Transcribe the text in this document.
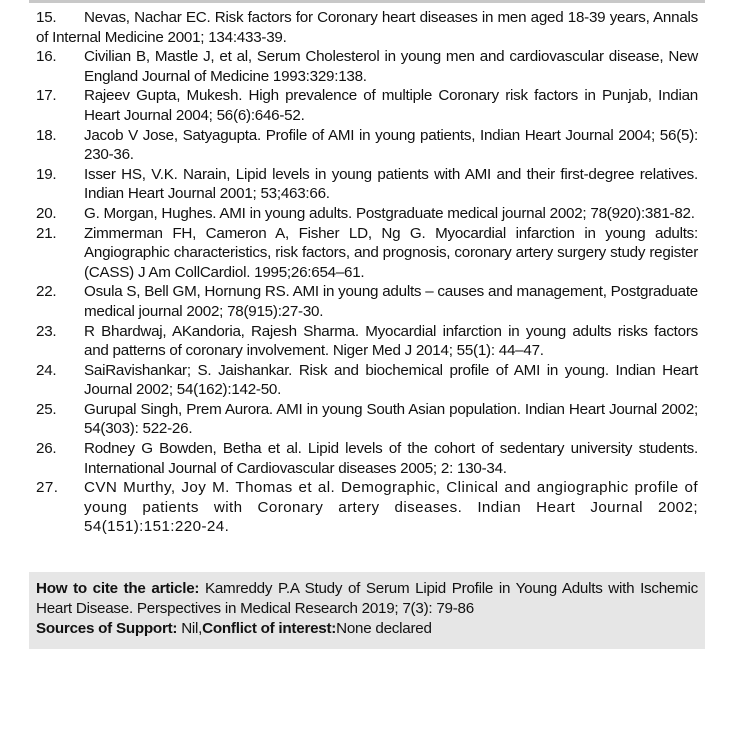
15. Nevas, Nachar EC. Risk factors for Coronary heart diseases in men aged 18-39 years, Annals of Internal Medicine 2001; 134:433-39.
16. Civilian B, Mastle J, et al, Serum Cholesterol in young men and cardiovascular disease, New England Journal of Medicine 1993:329:138.
17. Rajeev Gupta, Mukesh. High prevalence of multiple Coronary risk factors in Punjab, Indian Heart Journal 2004; 56(6):646-52.
18. Jacob V Jose, Satyagupta. Profile of AMI in young patients, Indian Heart Journal 2004; 56(5): 230-36.
19. Isser HS, V.K. Narain, Lipid levels in young patients with AMI and their first-degree relatives. Indian Heart Journal 2001; 53;463:66.
20. G. Morgan, Hughes. AMI in young adults. Postgraduate medical journal 2002; 78(920):381-82.
21. Zimmerman FH, Cameron A, Fisher LD, Ng G. Myocardial infarction in young adults: Angiographic characteristics, risk factors, and prognosis, coronary artery surgery study register (CASS) J Am CollCardiol. 1995;26:654–61.
22. Osula S, Bell GM, Hornung RS. AMI in young adults – causes and management, Postgraduate medical journal 2002; 78(915):27-30.
23. R Bhardwaj, AKandoria, Rajesh Sharma. Myocardial infarction in young adults risks factors and patterns of coronary involvement. Niger Med J 2014; 55(1): 44–47.
24. SaiRavishankar; S. Jaishankar. Risk and biochemical profile of AMI in young. Indian Heart Journal 2002; 54(162):142-50.
25. Gurupal Singh, Prem Aurora. AMI in young South Asian population. Indian Heart Journal 2002; 54(303): 522-26.
26. Rodney G Bowden, Betha et al. Lipid levels of the cohort of sedentary university students. International Journal of Cardiovascular diseases 2005; 2: 130-34.
27. CVN Murthy, Joy M. Thomas et al. Demographic, Clinical and angiographic profile of young patients with Coronary artery diseases. Indian Heart Journal 2002; 54(151):151:220-24.
How to cite the article: Kamreddy P.A Study of Serum Lipid Profile in Young Adults with Ischemic Heart Disease. Perspectives in Medical Research 2019; 7(3): 79-86
Sources of Support: Nil,Conflict of interest:None declared
